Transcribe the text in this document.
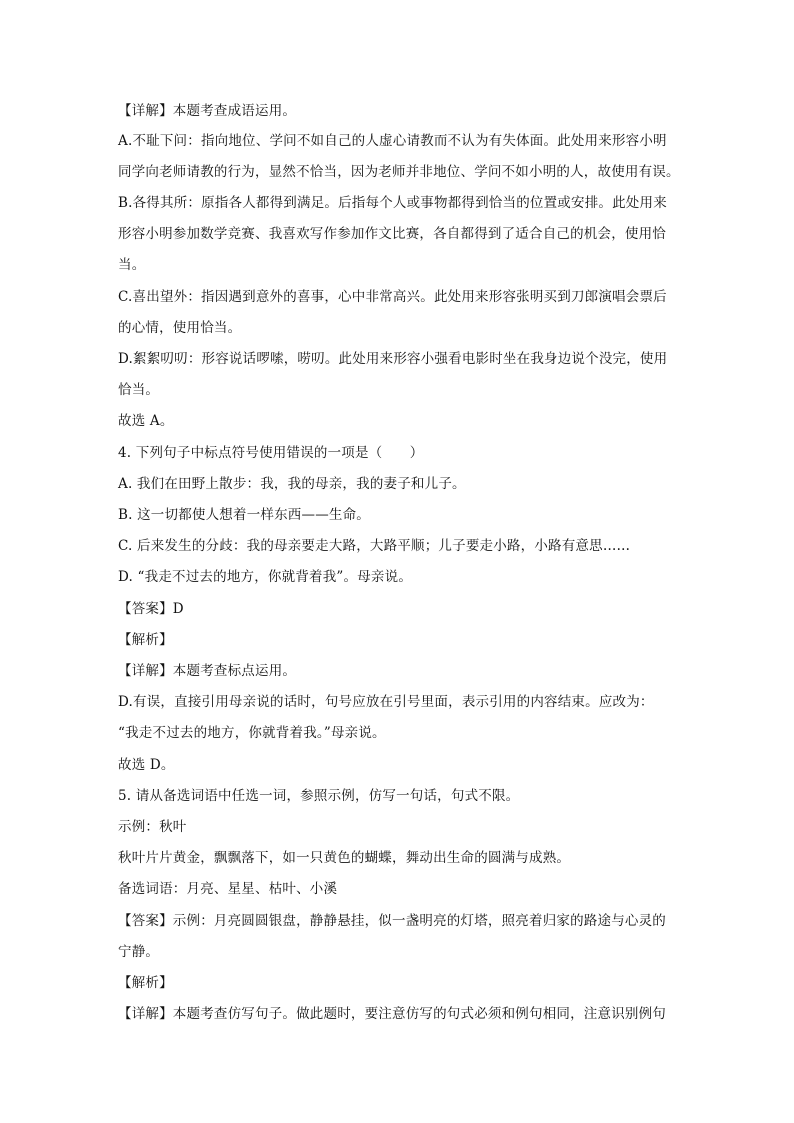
【详解】本题考查成语运用。
A.不耻下问：指向地位、学问不如自己的人虚心请教而不认为有失体面。此处用来形容小明
同学向老师请教的行为，显然不恰当，因为老师并非地位、学问不如小明的人，故使用有误。
B.各得其所：原指各人都得到满足。后指每个人或事物都得到恰当的位置或安排。此处用来
形容小明参加数学竞赛、我喜欢写作参加作文比赛，各自都得到了适合自己的机会，使用恰
当。
C.喜出望外：指因遇到意外的喜事，心中非常高兴。此处用来形容张明买到刀郎演唱会票后
的心情，使用恰当。
D.絮絮叨叨：形容说话啰嗦，唠叨。此处用来形容小强看电影时坐在我身边说个没完，使用
恰当。
故选 A。
4. 下列句子中标点符号使用错误的一项是（　　）
A. 我们在田野上散步：我，我的母亲，我的妻子和儿子。
B. 这一切都使人想着一样东西——生命。
C. 后来发生的分歧：我的母亲要走大路，大路平顺；儿子要走小路，小路有意思……
D. “我走不过去的地方，你就背着我”。母亲说。
【答案】D
【解析】
【详解】本题考查标点运用。
D.有误，直接引用母亲说的话时，句号应放在引号里面，表示引用的内容结束。应改为：
“我走不过去的地方，你就背着我。”母亲说。
故选 D。
5. 请从备选词语中任选一词，参照示例，仿写一句话，句式不限。
示例：秋叶
秋叶片片黄金，飘飘落下，如一只黄色的蝴蝶，舞动出生命的圆满与成熟。
备选词语：月亮、星星、枯叶、小溪
【答案】示例：月亮圆圆银盘，静静悬挂，似一盏明亮的灯塔，照亮着归家的路途与心灵的
宁静。
【解析】
【详解】本题考查仿写句子。做此题时，要注意仿写的句式必须和例句相同，注意识别例句
